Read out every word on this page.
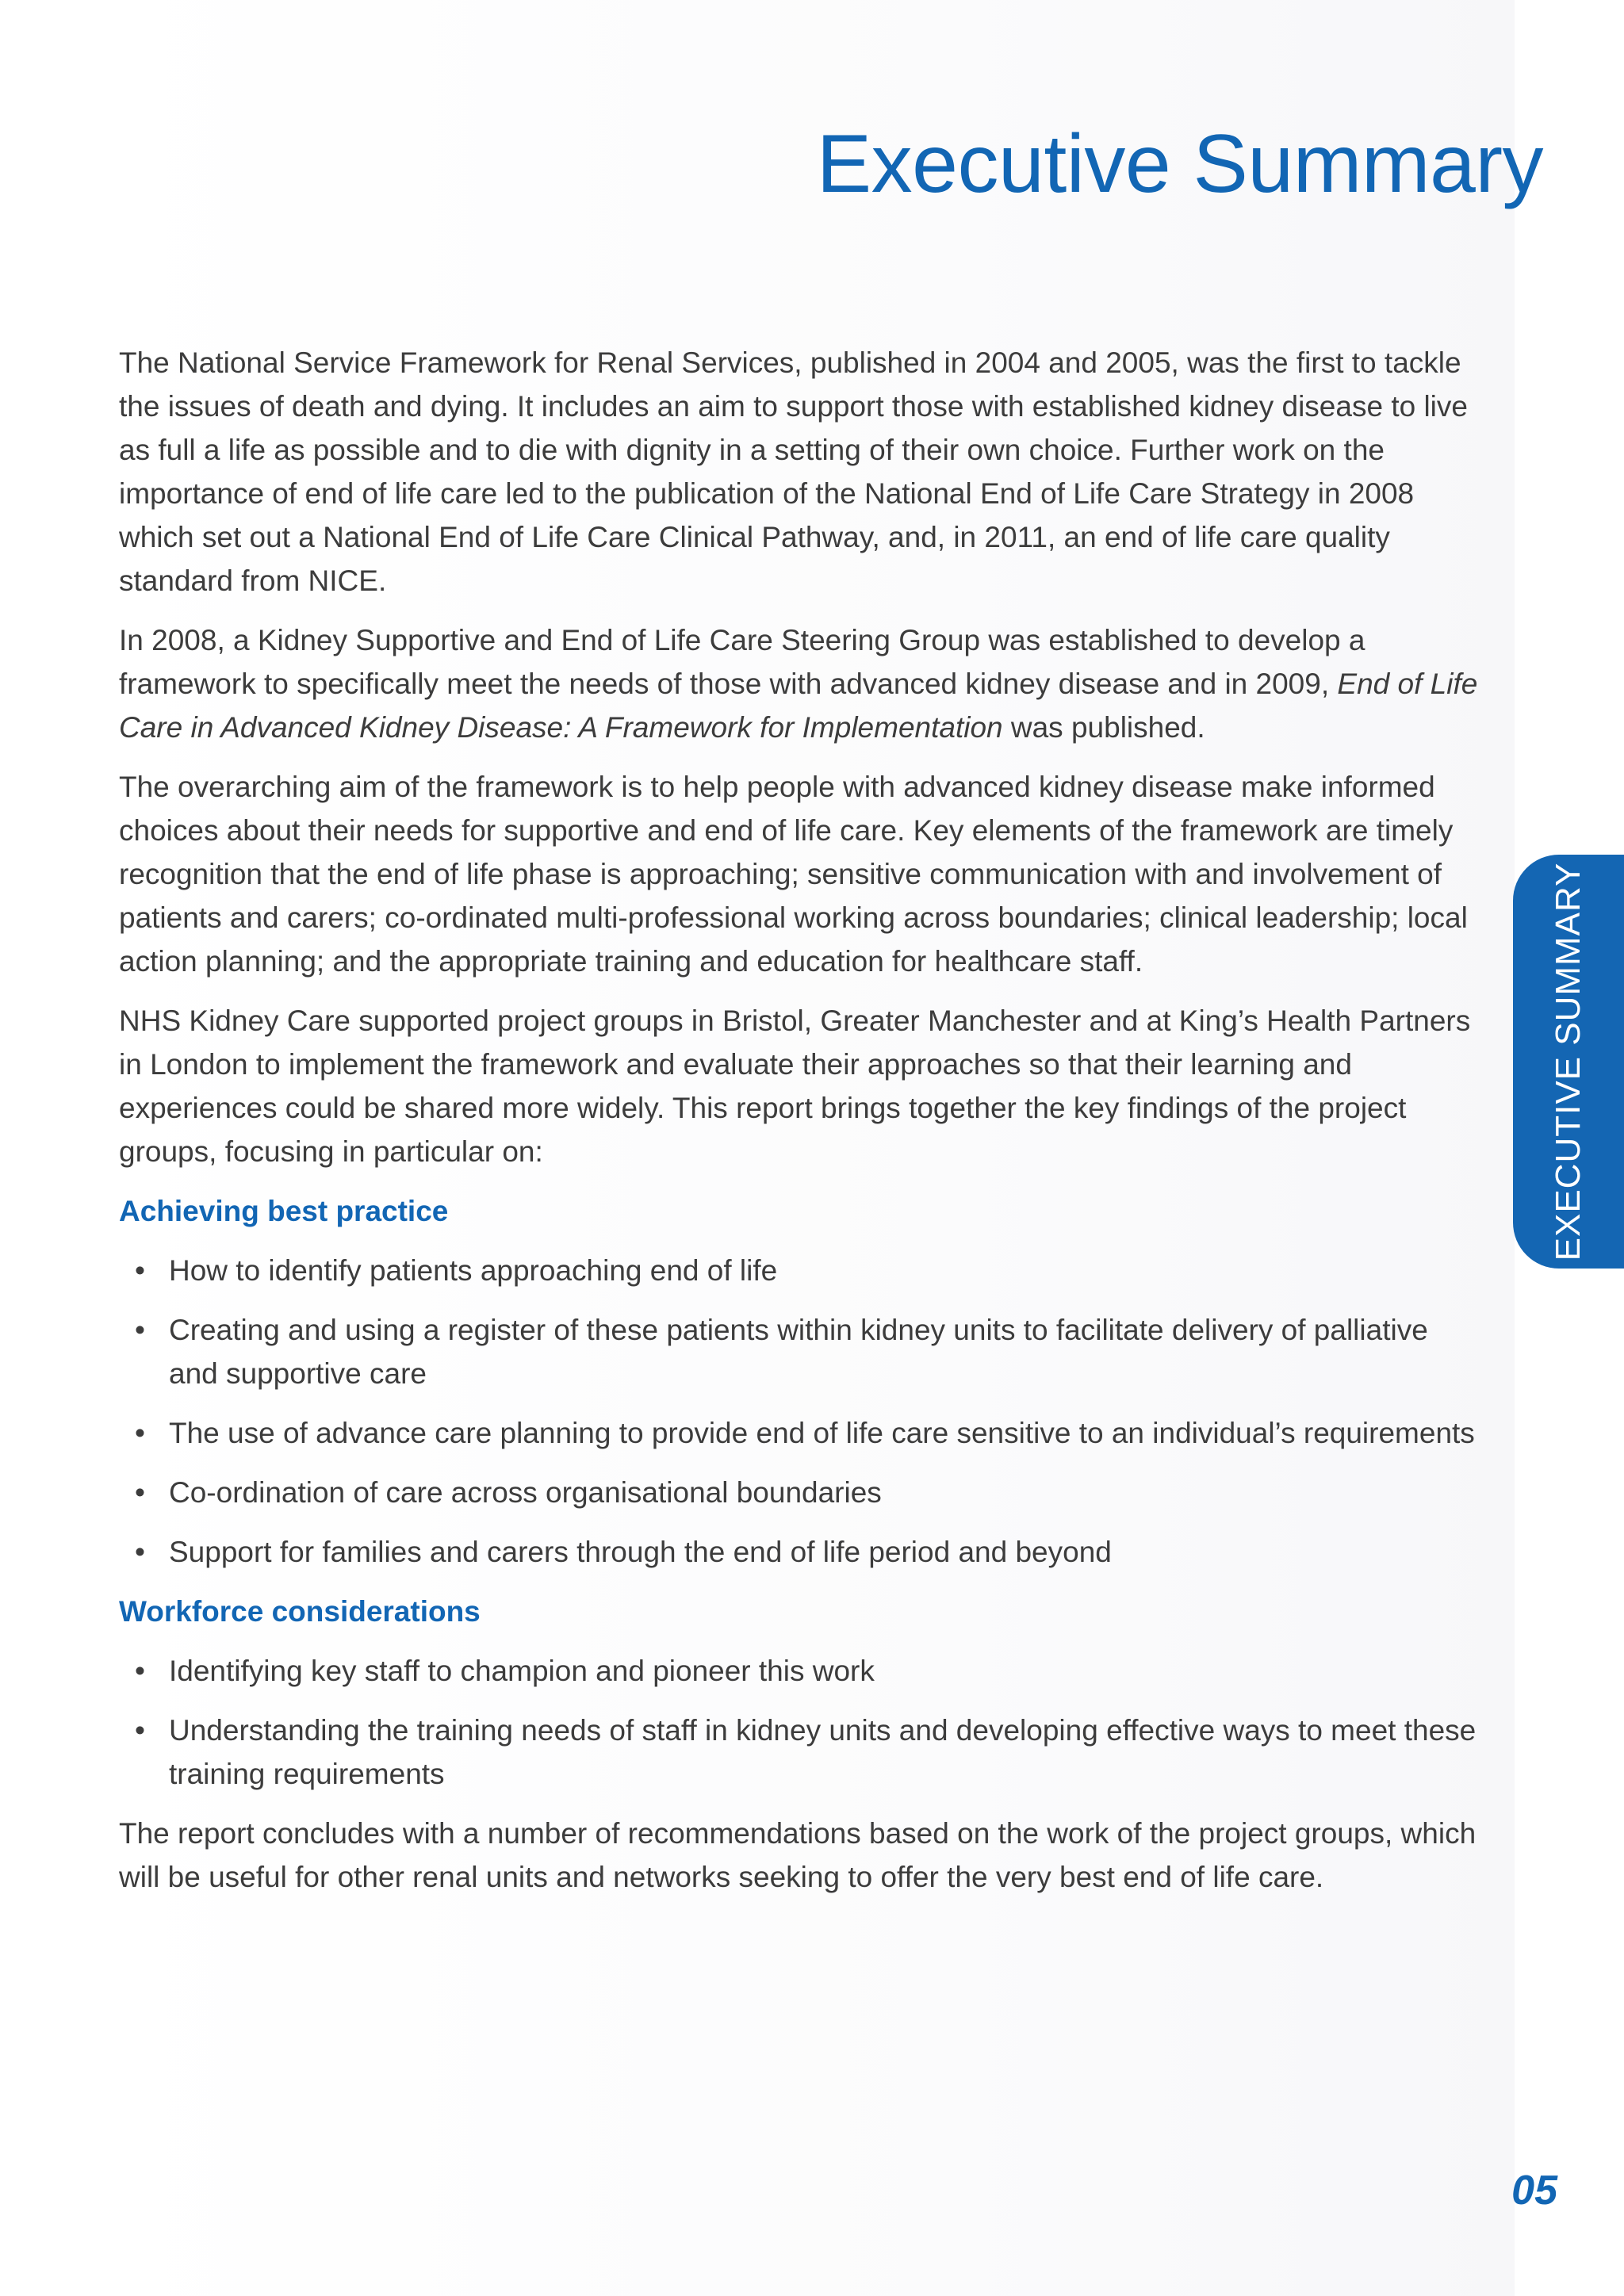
Executive Summary

The National Service Framework for Renal Services, published in 2004 and 2005, was the first to tackle the issues of death and dying. It includes an aim to support those with established kidney disease to live as full a life as possible and to die with dignity in a setting of their own choice. Further work on the importance of end of life care led to the publication of the National End of Life Care Strategy in 2008 which set out a National End of Life Care Clinical Pathway, and, in 2011, an end of life care quality standard from NICE.

In 2008, a Kidney Supportive and End of Life Care Steering Group was established to develop a framework to specifically meet the needs of those with advanced kidney disease and in 2009, End of Life Care in Advanced Kidney Disease: A Framework for Implementation was published.

The overarching aim of the framework is to help people with advanced kidney disease make informed choices about their needs for supportive and end of life care. Key elements of the framework are timely recognition that the end of life phase is approaching; sensitive communication with and involvement of patients and carers; co-ordinated multi-professional working across boundaries; clinical leadership; local action planning; and the appropriate training and education for healthcare staff.

NHS Kidney Care supported project groups in Bristol, Greater Manchester and at King’s Health Partners in London to implement the framework and evaluate their approaches so that their learning and experiences could be shared more widely. This report brings together the key findings of the project groups, focusing in particular on:

Achieving best practice
• How to identify patients approaching end of life
• Creating and using a register of these patients within kidney units to facilitate delivery of palliative and supportive care
• The use of advance care planning to provide end of life care sensitive to an individual’s requirements
• Co-ordination of care across organisational boundaries
• Support for families and carers through the end of life period and beyond
Workforce considerations
• Identifying key staff to champion and pioneer this work
• Understanding the training needs of staff in kidney units and developing effective ways to meet these training requirements

The report concludes with a number of recommendations based on the work of the project groups, which will be useful for other renal units and networks seeking to offer the very best end of life care.

EXECUTIVE SUMMARY
05
